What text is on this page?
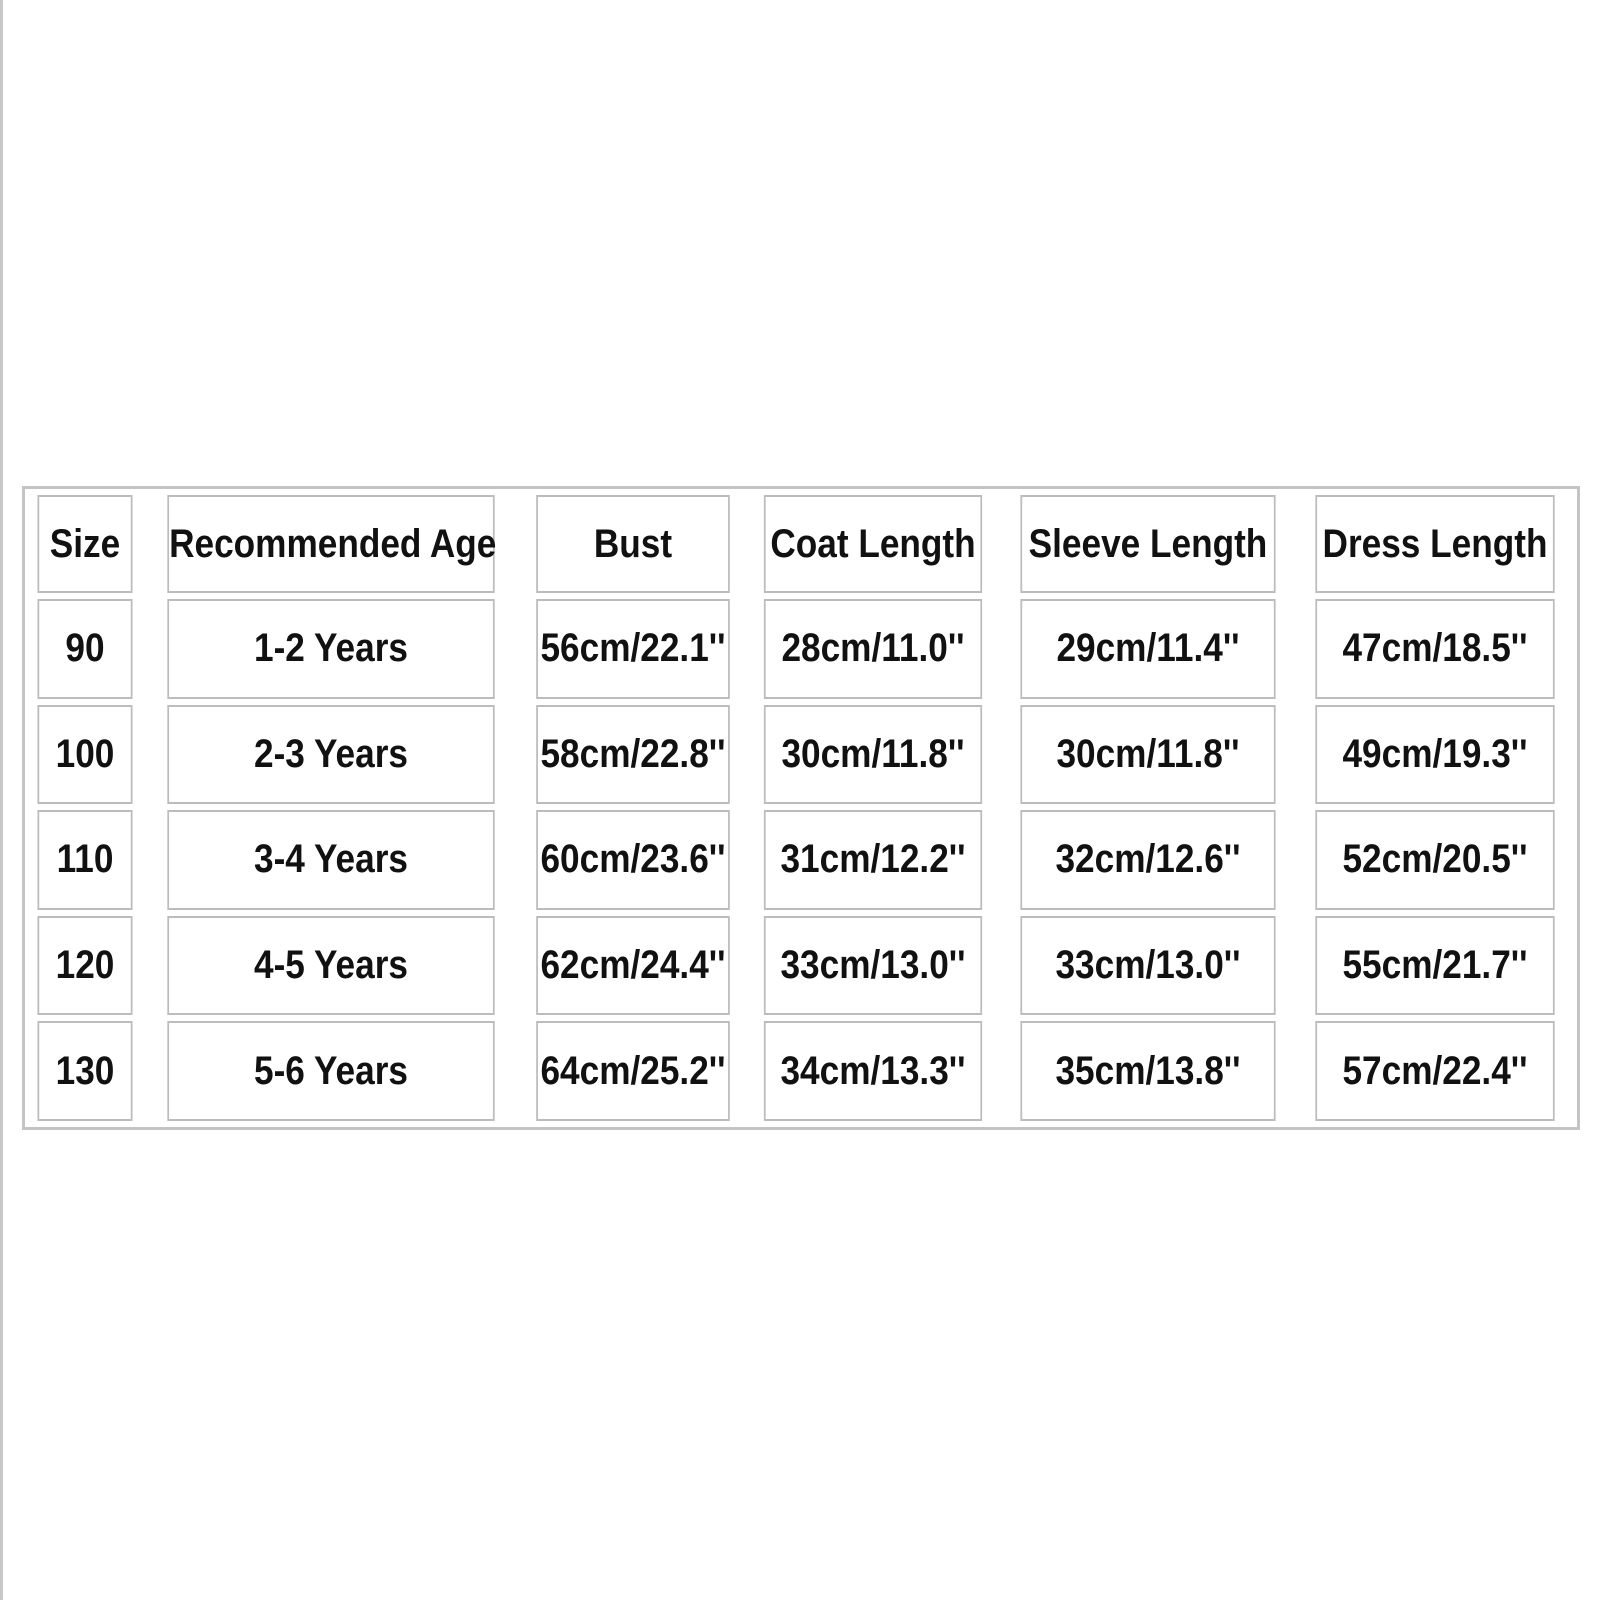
Size	Recommended Age	Bust	Coat Length	Sleeve Length	Dress Length
90	1-2 Years	56cm/22.1''	28cm/11.0''	29cm/11.4''	47cm/18.5''
100	2-3 Years	58cm/22.8''	30cm/11.8''	30cm/11.8''	49cm/19.3''
110	3-4 Years	60cm/23.6''	31cm/12.2''	32cm/12.6''	52cm/20.5''
120	4-5 Years	62cm/24.4''	33cm/13.0''	33cm/13.0''	55cm/21.7''
130	5-6 Years	64cm/25.2''	34cm/13.3''	35cm/13.8''	57cm/22.4''
